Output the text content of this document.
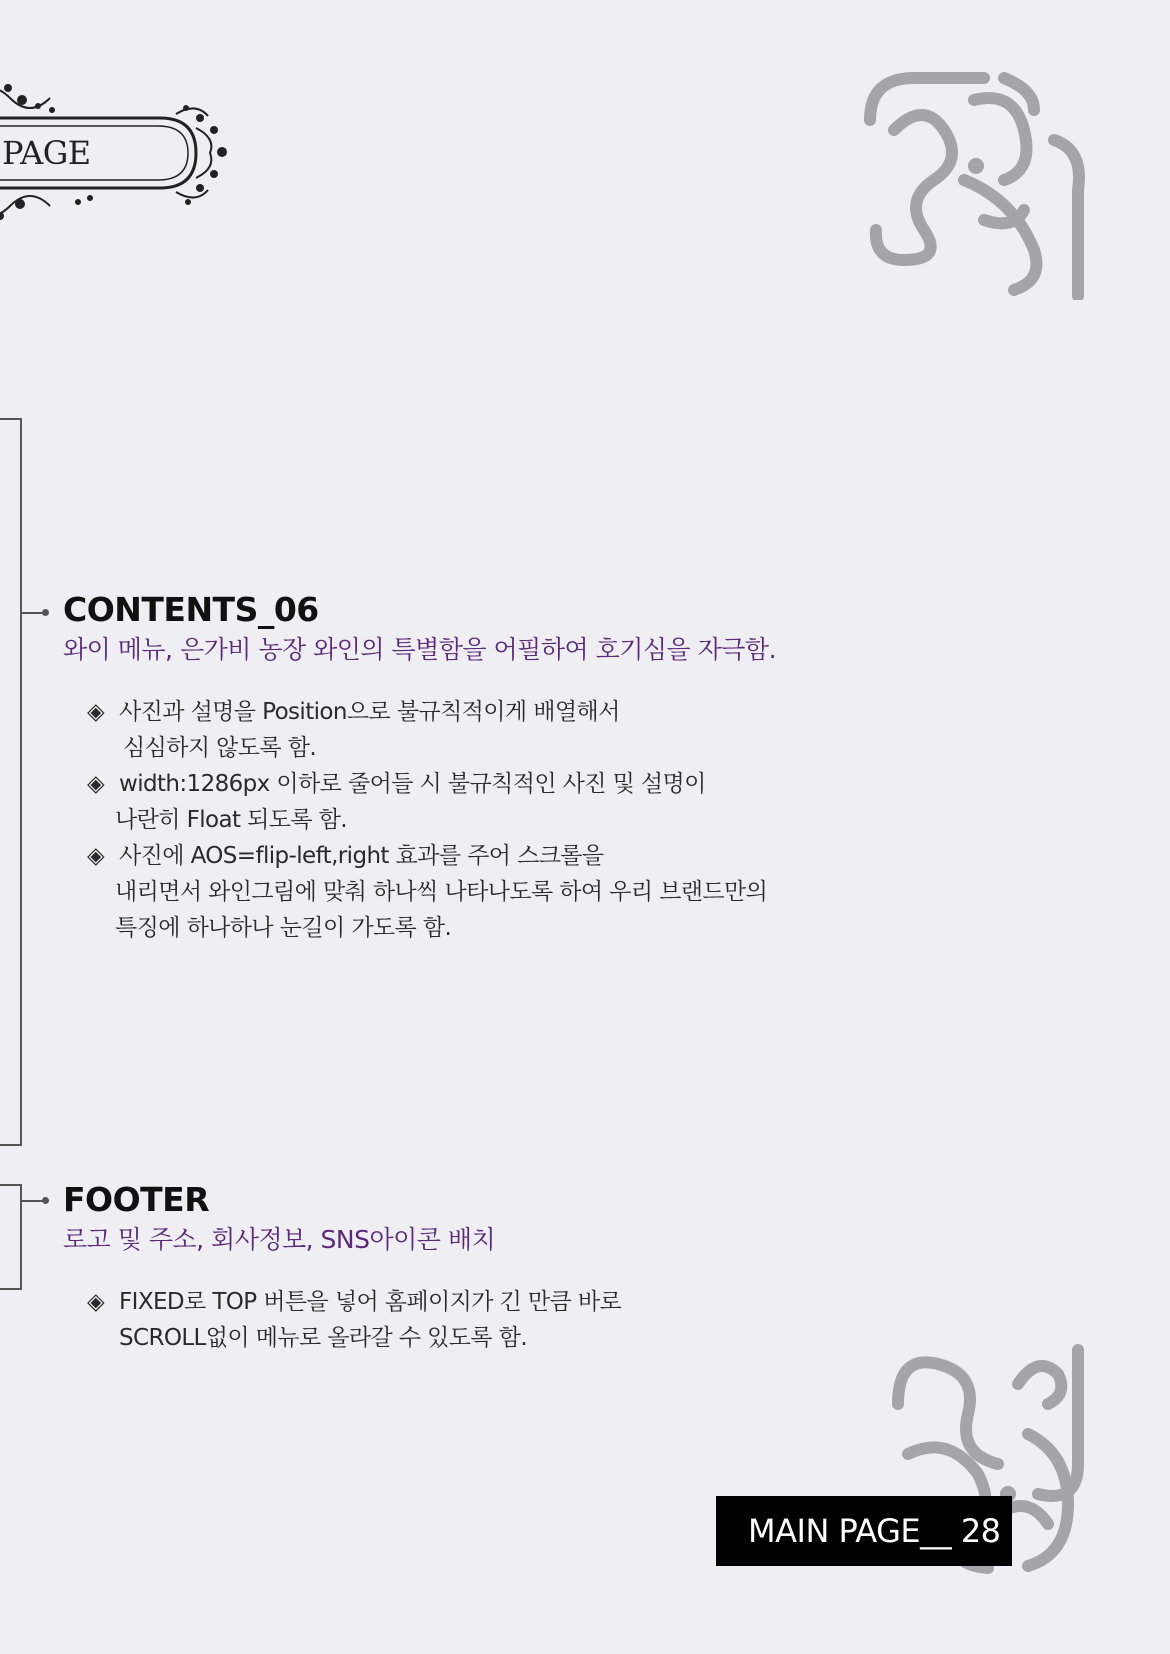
PAGE
CONTENTS_06
와이 메뉴, 은가비 농장 와인의 특별함을 어필하여 호기심을 자극함.
◈ 사진과 설명을 Position으로 불규칙적이게 배열해서
심심하지 않도록 함.
◈ width:1286px 이하로 줄어들 시 불규칙적인 사진 및 설명이
나란히 Float 되도록 함.
◈ 사진에 AOS=flip-left,right 효과를 주어 스크롤을
내리면서 와인그림에 맞춰 하나씩 나타나도록 하여 우리 브랜드만의
특징에 하나하나 눈길이 가도록 함.
FOOTER
로고 및 주소, 회사정보, SNS아이콘 배치
◈ FIXED로 TOP 버튼을 넣어 홈페이지가 긴 만큼 바로
SCROLL없이 메뉴로 올라갈 수 있도록 함.
MAIN PAGE__ 28
